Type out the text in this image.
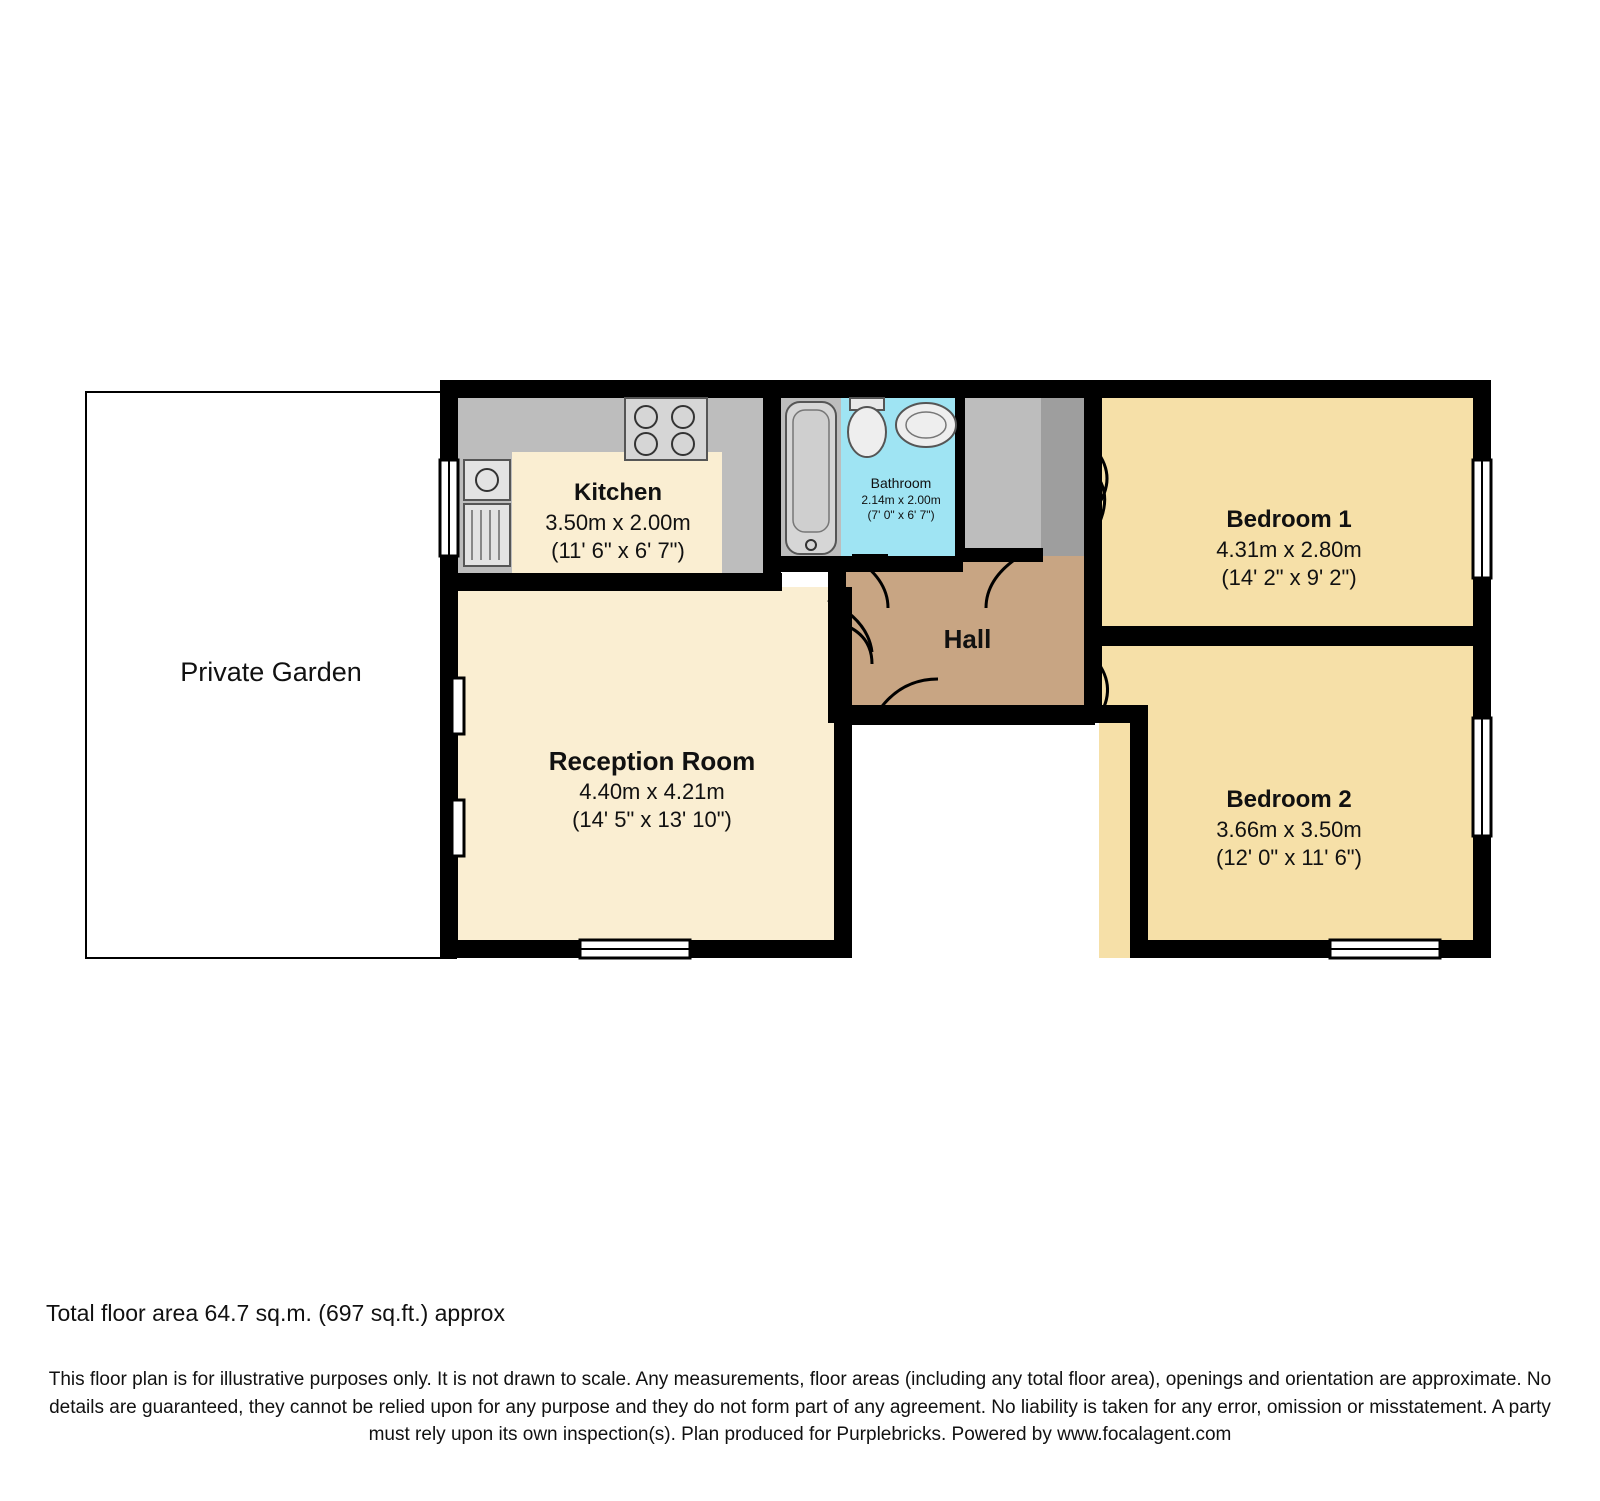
Private Garden
Kitchen
3.50m x 2.00m
(11' 6" x 6' 7")
Reception Room
4.40m x 4.21m
(14' 5" x 13' 10")
Hall
Bathroom
2.14m x 2.00m
(7' 0" x 6' 7")	Bedroom 1
4.31m x 2.80m
(14' 2" x 9' 2")
Bedroom 2
3.66m x 3.50m
(12' 0" x 11' 6")
Total floor area 64.7 sq.m. (697 sq.ft.) approx
This floor plan is for illustrative purposes only. It is not drawn to scale. Any measurements, floor areas (including any total floor area), openings and orientation are approximate. No details are guaranteed, they cannot be relied upon for any purpose and they do not form part of any agreement. No liability is taken for any error, omission or misstatement. A party must rely upon its own inspection(s). Plan produced for Purplebricks. Powered by www.focalagent.com
